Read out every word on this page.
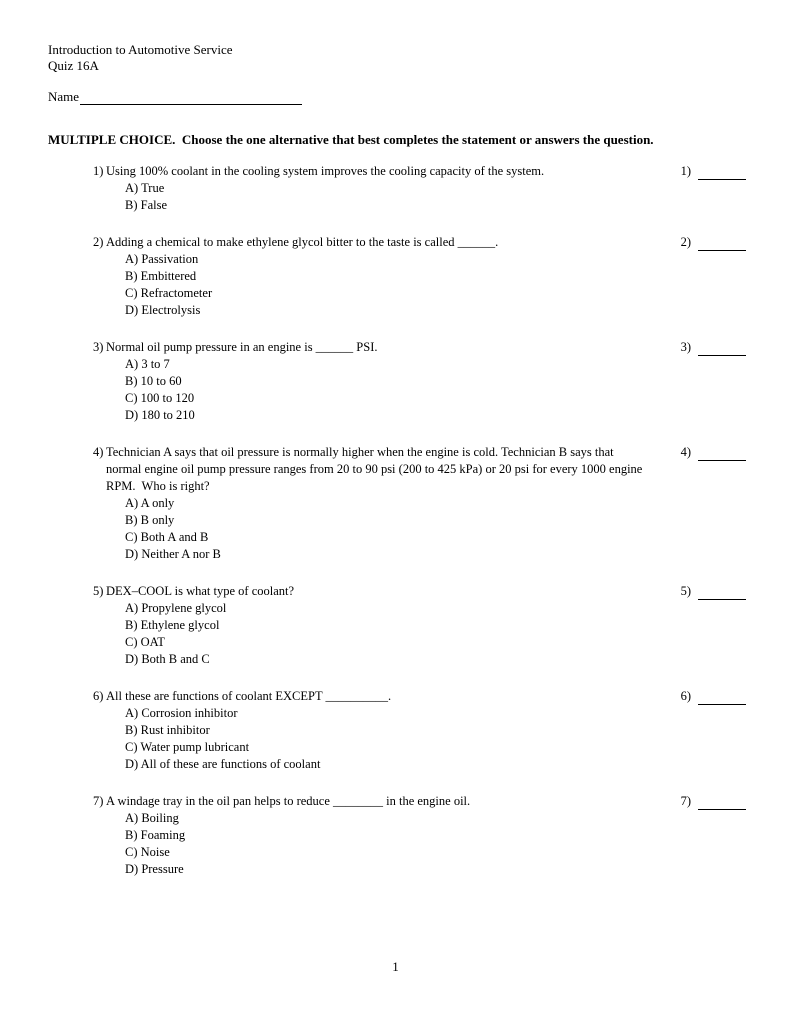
Introduction to Automotive Service
Quiz 16A
Name
MULTIPLE CHOICE.  Choose the one alternative that best completes the statement or answers the question.
1) Using 100% coolant in the cooling system improves the cooling capacity of the system.
A) True
B) False
1)
2) Adding a chemical to make ethylene glycol bitter to the taste is called ______.
A) Passivation
B) Embittered
C) Refractometer
D) Electrolysis
2)
3) Normal oil pump pressure in an engine is ______ PSI.
A) 3 to 7
B) 10 to 60
C) 100 to 120
D) 180 to 210
3)
4) Technician A says that oil pressure is normally higher when the engine is cold. Technician B says that normal engine oil pump pressure ranges from 20 to 90 psi (200 to 425 kPa) or 20 psi for every 1000 engine RPM.  Who is right?
A) A only
B) B only
C) Both A and B
D) Neither A nor B
4)
5) DEX–COOL is what type of coolant?
A) Propylene glycol
B) Ethylene glycol
C) OAT
D) Both B and C
5)
6) All these are functions of coolant EXCEPT __________.
A) Corrosion inhibitor
B) Rust inhibitor
C) Water pump lubricant
D) All of these are functions of coolant
6)
7) A windage tray in the oil pan helps to reduce ________ in the engine oil.
A) Boiling
B) Foaming
C) Noise
D) Pressure
7)
1
